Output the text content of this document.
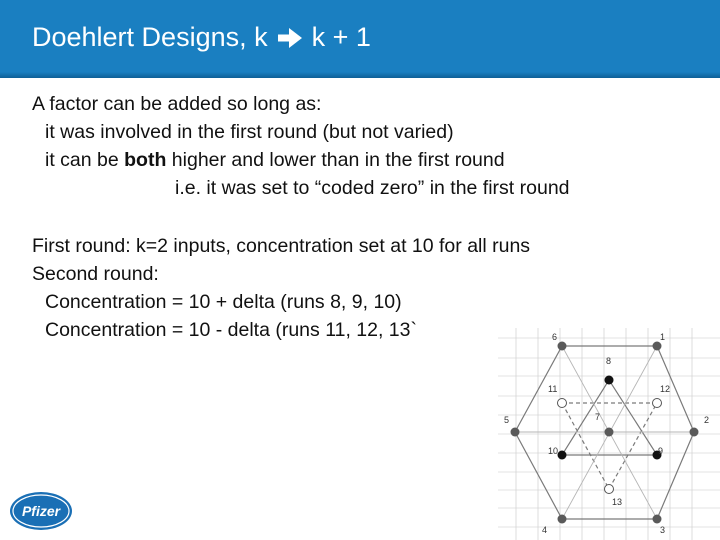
Doehlert Designs, k k + 1
A factor can be added so long as:
it was involved in the first round (but not varied)
it can be both higher and lower than in the first round
i.e. it was set to “coded zero” in the first round
First round: k=2 inputs, concentration set at 10 for all runs
Second round:
Concentration = 10 + delta (runs 8, 9, 10)
Concentration = 10 - delta (runs 11, 12, 13`	1
2
3
4
5
6
7
8
9
10
11	12
13
Pfizer
